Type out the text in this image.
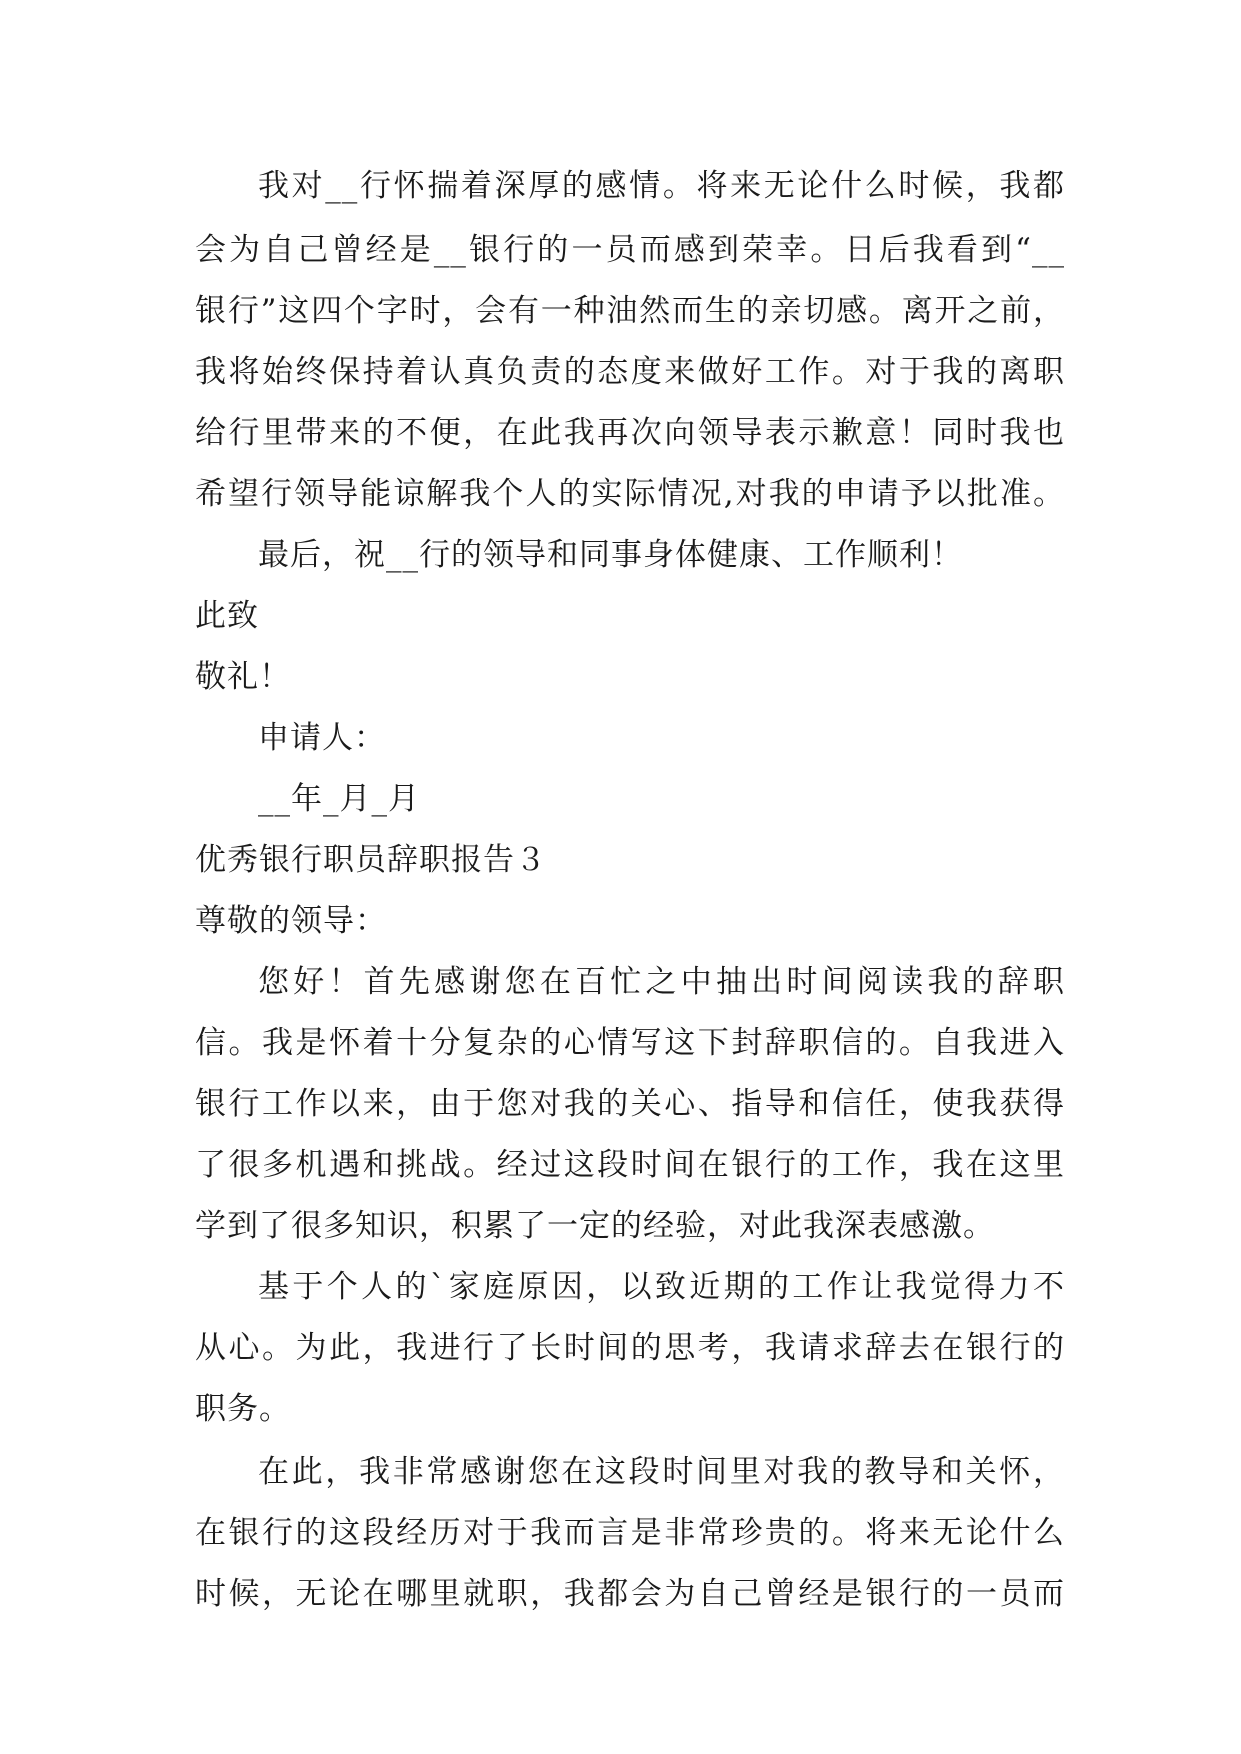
我对__行怀揣着深厚的感情。将来无论什么时候，我都
会为自己曾经是__银行的一员而感到荣幸。日后我看到“__
银行”这四个字时，会有一种油然而生的亲切感。离开之前，
我将始终保持着认真负责的态度来做好工作。对于我的离职
给行里带来的不便，在此我再次向领导表示歉意！同时我也
希望行领导能谅解我个人的实际情况,对我的申请予以批准。
最后，祝__行的领导和同事身体健康、工作顺利！
此致
敬礼！
申请人：
__年_月_月
优秀银行职员辞职报告３
尊敬的领导：
您好！首先感谢您在百忙之中抽出时间阅读我的辞职
信。我是怀着十分复杂的心情写这下封辞职信的。自我进入
银行工作以来，由于您对我的关心、指导和信任，使我获得
了很多机遇和挑战。经过这段时间在银行的工作，我在这里
学到了很多知识，积累了一定的经验，对此我深表感激。
基于个人的`家庭原因，以致近期的工作让我觉得力不
从心。为此，我进行了长时间的思考，我请求辞去在银行的
职务。
在此，我非常感谢您在这段时间里对我的教导和关怀，
在银行的这段经历对于我而言是非常珍贵的。将来无论什么
时候，无论在哪里就职，我都会为自己曾经是银行的一员而
